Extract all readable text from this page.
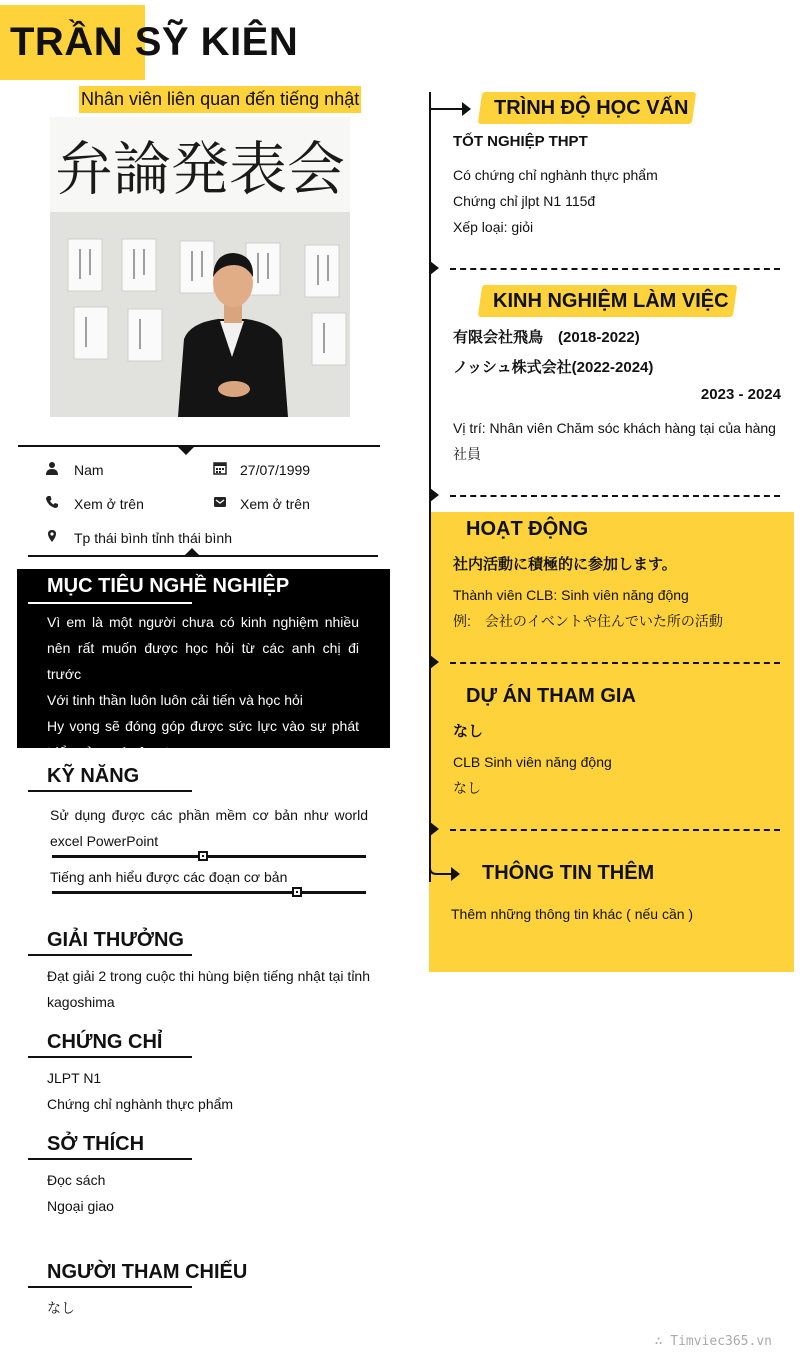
TRẦN SỸ KIÊN
Nhân viên liên quan đến tiếng nhật
弁論発表会
Nam	27/07/1999
Xem ở trên	Xem ở trên
Tp thái bình tỉnh thái bình
MỤC TIÊU NGHỀ NGHIỆP
Vì em là một người chưa có kinh nghiệm nhiều nên rất muốn được học hỏi từ các anh chị đi trước
Với tinh thần luôn luôn cải tiến và học hỏi
Hy vọng sẽ đóng góp được sức lực vào sự phát triển của quý công ty
KỸ NĂNG
Sử dụng được các phần mềm cơ bản như world excel PowerPoint
Tiếng anh hiểu được các đoạn cơ bản
GIẢI THƯỞNG
Đạt giải 2 trong cuộc thi hùng biện tiếng nhật tại tỉnh kagoshima
CHỨNG CHỈ
JLPT N1
Chứng chỉ nghành thực phẩm
SỞ THÍCH
Đọc sách
Ngoại giao
NGƯỜI THAM CHIẾU
なし
TRÌNH ĐỘ HỌC VẤN
TỐT NGHIỆP THPT
Có chứng chỉ nghành thực phẩm
Chứng chỉ jlpt N1 115đ
Xếp loại: giỏi
KINH NGHIỆM LÀM VIỆC
有限会社飛鳥　(2018-2022)
ノッシュ株式会社(2022-2024)
2023 - 2024
Vị trí: Nhân viên Chăm sóc khách hàng tại của hàng 社員
HOẠT ĐỘNG
社内活動に積極的に参加します。
Thành viên CLB: Sinh viên năng động
例:　会社のイベントや住んでいた所の活動
DỰ ÁN THAM GIA
なし
CLB Sinh viên năng động
なし
THÔNG TIN THÊM
Thêm những thông tin khác ( nếu cần )
∴ Timviec365.vn
